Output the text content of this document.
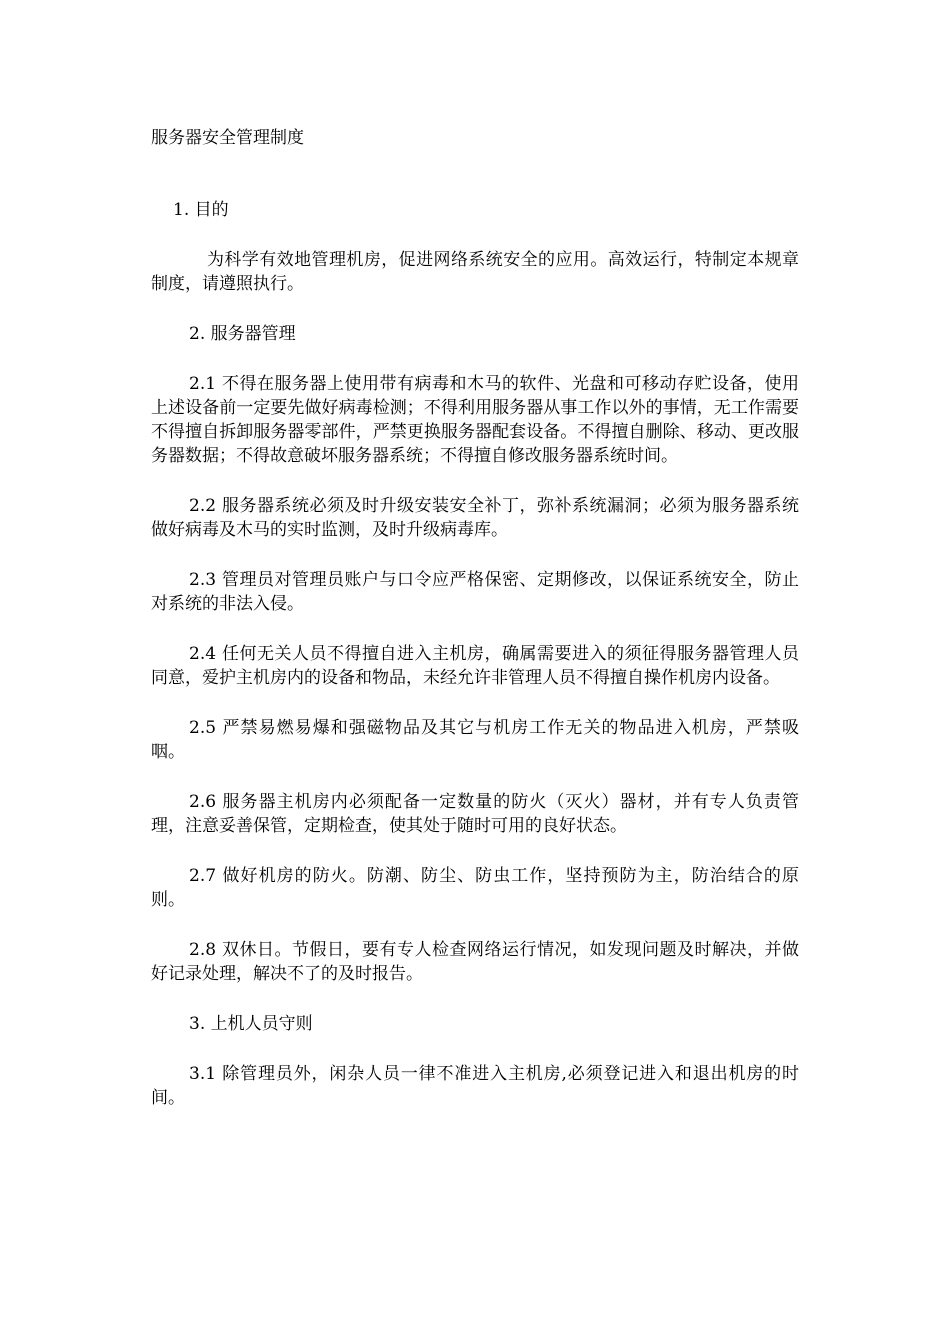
服务器安全管理制度

1. 目的

为科学有效地管理机房，促进网络系统安全的应用。高效运行，特制定本规章制度，请遵照执行。

2. 服务器管理

2.1 不得在服务器上使用带有病毒和木马的软件、光盘和可移动存贮设备，使用上述设备前一定要先做好病毒检测；不得利用服务器从事工作以外的事情，无工作需要不得擅自拆卸服务器零部件，严禁更换服务器配套设备。不得擅自删除、移动、更改服务器数据；不得故意破坏服务器系统；不得擅自修改服务器系统时间。

2.2 服务器系统必须及时升级安装安全补丁，弥补系统漏洞；必须为服务器系统做好病毒及木马的实时监测，及时升级病毒库。

2.3 管理员对管理员账户与口令应严格保密、定期修改，以保证系统安全，防止对系统的非法入侵。

2.4 任何无关人员不得擅自进入主机房，确属需要进入的须征得服务器管理人员同意，爱护主机房内的设备和物品，未经允许非管理人员不得擅自操作机房内设备。

2.5 严禁易燃易爆和强磁物品及其它与机房工作无关的物品进入机房，严禁吸咽。

2.6 服务器主机房内必须配备一定数量的防火（灭火）器材，并有专人负责管理，注意妥善保管，定期检查，使其处于随时可用的良好状态。

2.7 做好机房的防火。防潮、防尘、防虫工作，坚持预防为主，防治结合的原则。

2.8 双休日。节假日，要有专人检查网络运行情况，如发现问题及时解决，并做好记录处理，解决不了的及时报告。

3. 上机人员守则

3.1 除管理员外，闲杂人员一律不准进入主机房,必须登记进入和退出机房的时间。
